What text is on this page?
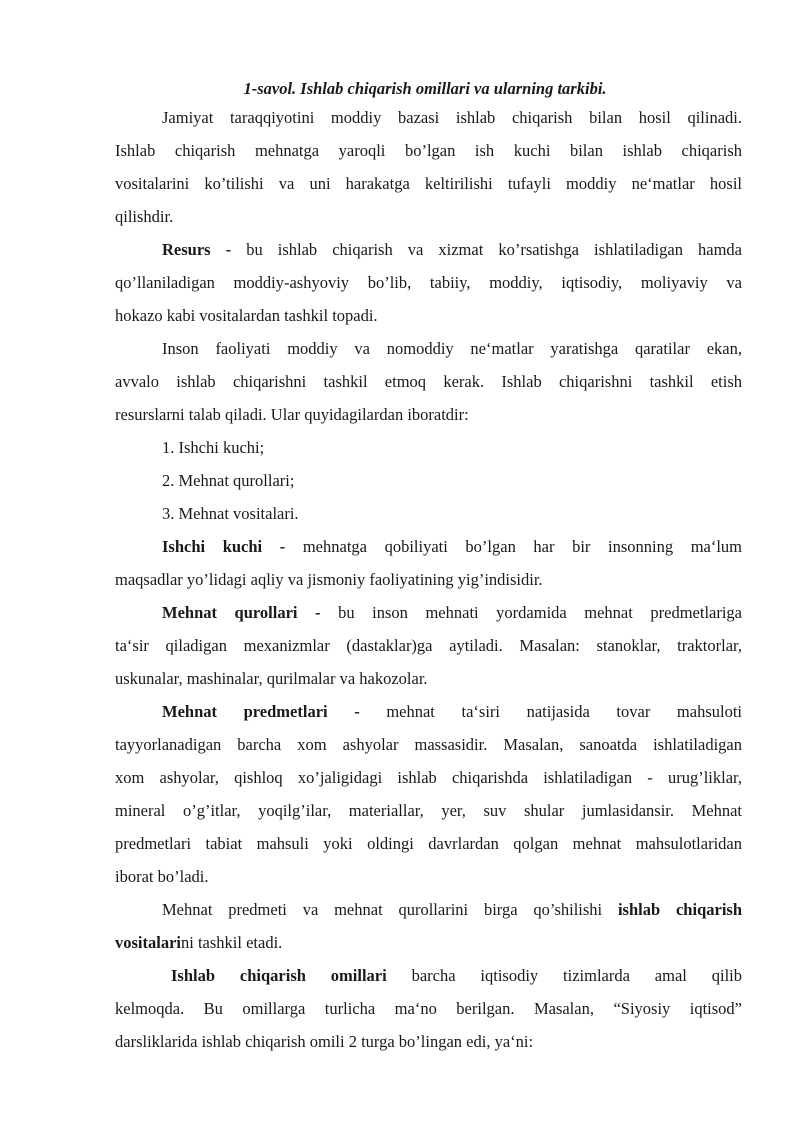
1-savol. Ishlab chiqarish omillari va ularning tarkibi.
Jamiyat taraqqiyotini moddiy bazasi ishlab chiqarish bilan hosil qilinadi.
Ishlab chiqarish mehnatga yaroqli bo’lgan ish kuchi bilan ishlab chiqarish
vositalarini ko’tilishi va uni harakatga keltirilishi tufayli moddiy ne‘matlar hosil
qilishdir.
Resurs - bu ishlab chiqarish va xizmat ko’rsatishga ishlatiladigan hamda
qo’llaniladigan moddiy-ashyoviy bo’lib, tabiiy, moddiy, iqtisodiy, moliyaviy va
hokazo kabi vositalardan tashkil topadi.
Inson faoliyati moddiy va nomoddiy ne‘matlar yaratishga qaratilar ekan,
avvalo ishlab chiqarishni tashkil etmoq kerak. Ishlab chiqarishni tashkil etish
resurslarni talab qiladi. Ular quyidagilardan iboratdir:
1. Ishchi kuchi;
2. Mehnat qurollari;
3. Mehnat vositalari.
Ishchi kuchi - mehnatga qobiliyati bo’lgan har bir insonning ma‘lum
maqsadlar yo’lidagi aqliy va jismoniy faoliyatining yig’indisidir.
Mehnat qurollari - bu inson mehnati yordamida mehnat predmetlariga
ta‘sir qiladigan mexanizmlar (dastaklar)ga aytiladi. Masalan: stanoklar, traktorlar,
uskunalar, mashinalar, qurilmalar va hakozolar.
Mehnat predmetlari - mehnat ta‘siri natijasida tovar mahsuloti
tayyorlanadigan barcha xom ashyolar massasidir. Masalan, sanoatda ishlatiladigan
xom ashyolar, qishloq xo’jaligidagi ishlab chiqarishda ishlatiladigan - urug’liklar,
mineral o’g’itlar, yoqilg’ilar, materiallar, yer, suv shular jumlasidansir. Mehnat
predmetlari tabiat mahsuli yoki oldingi davrlardan qolgan mehnat mahsulotlaridan
iborat bo’ladi.
Mehnat predmeti va mehnat qurollarini birga qo’shilishi ishlab chiqarish
vositalarini tashkil etadi.
Ishlab chiqarish omillari barcha iqtisodiy tizimlarda amal qilib
kelmoqda. Bu omillarga turlicha ma‘no berilgan. Masalan, “Siyosiy iqtisod”
darsliklarida ishlab chiqarish omili 2 turga bo’lingan edi, ya‘ni:
